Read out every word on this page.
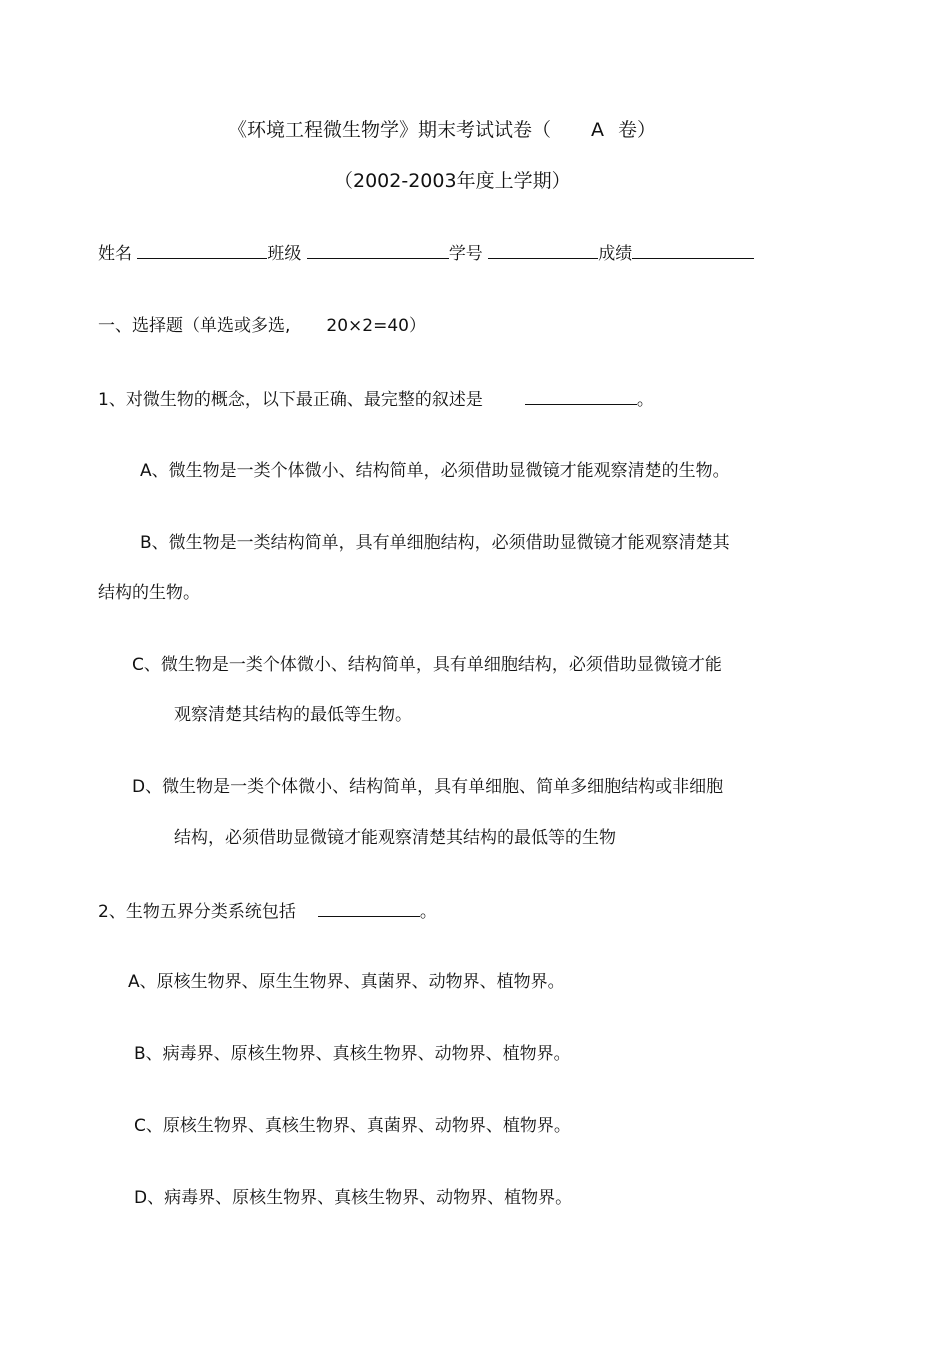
《环境工程微生物学》期末考试试卷（ A 卷）
（2002-2003年度上学期）
姓名	班级	学号	成绩
一、选择题（单选或多选, 20×2=40）
1、对微生物的概念，以下最正确、最完整的叙述是	。
A、微生物是一类个体微小、结构简单，必须借助显微镜才能观察清楚的生物。
B、微生物是一类结构简单，具有单细胞结构，必须借助显微镜才能观察清楚其
结构的生物。
C、微生物是一类个体微小、结构简单，具有单细胞结构，必须借助显微镜才能
观察清楚其结构的最低等生物。
D、微生物是一类个体微小、结构简单，具有单细胞、简单多细胞结构或非细胞
结构，必须借助显微镜才能观察清楚其结构的最低等的生物
2、生物五界分类系统包括	。
A、原核生物界、原生生物界、真菌界、动物界、植物界。
B、病毒界、原核生物界、真核生物界、动物界、植物界。
C、原核生物界、真核生物界、真菌界、动物界、植物界。
D、病毒界、原核生物界、真核生物界、动物界、植物界。
